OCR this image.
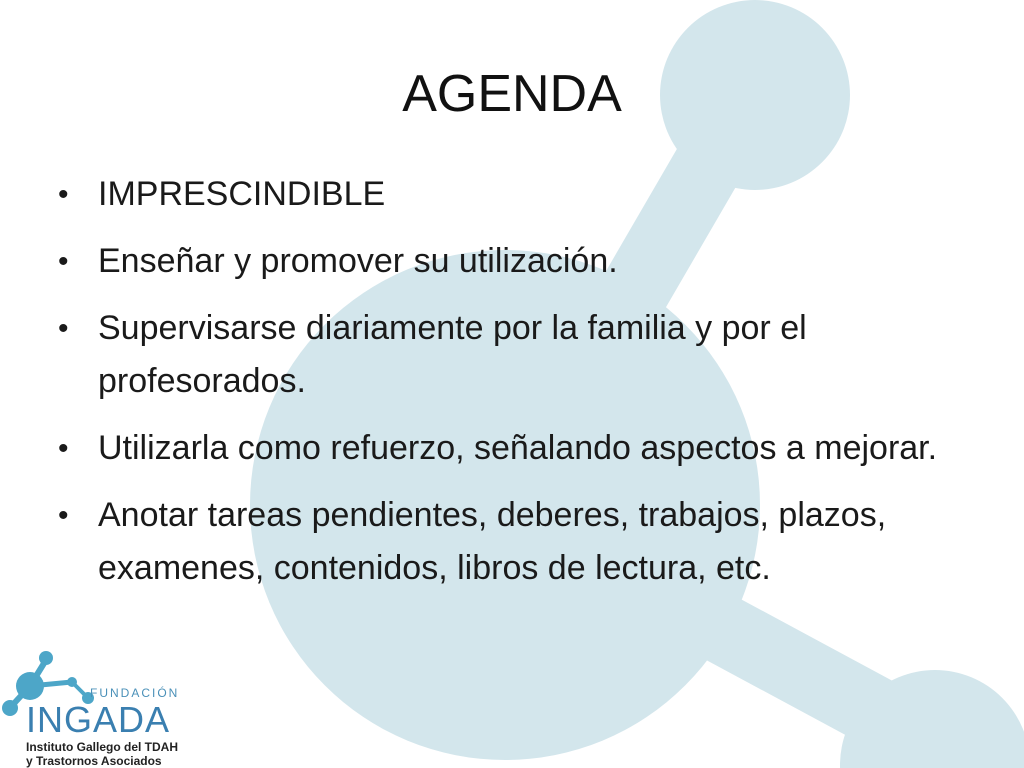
AGENDA
• IMPRESCINDIBLE
• Enseñar y promover su utilización.
• Supervisarse diariamente por la familia y por el profesorados.
• Utilizarla como refuerzo, señalando aspectos a mejorar.
• Anotar tareas pendientes, deberes, trabajos, plazos, examenes, contenidos, libros de lectura, etc.
FUNDACIÓN
INGADA
Instituto Gallego del TDAH
y Trastornos Asociados
